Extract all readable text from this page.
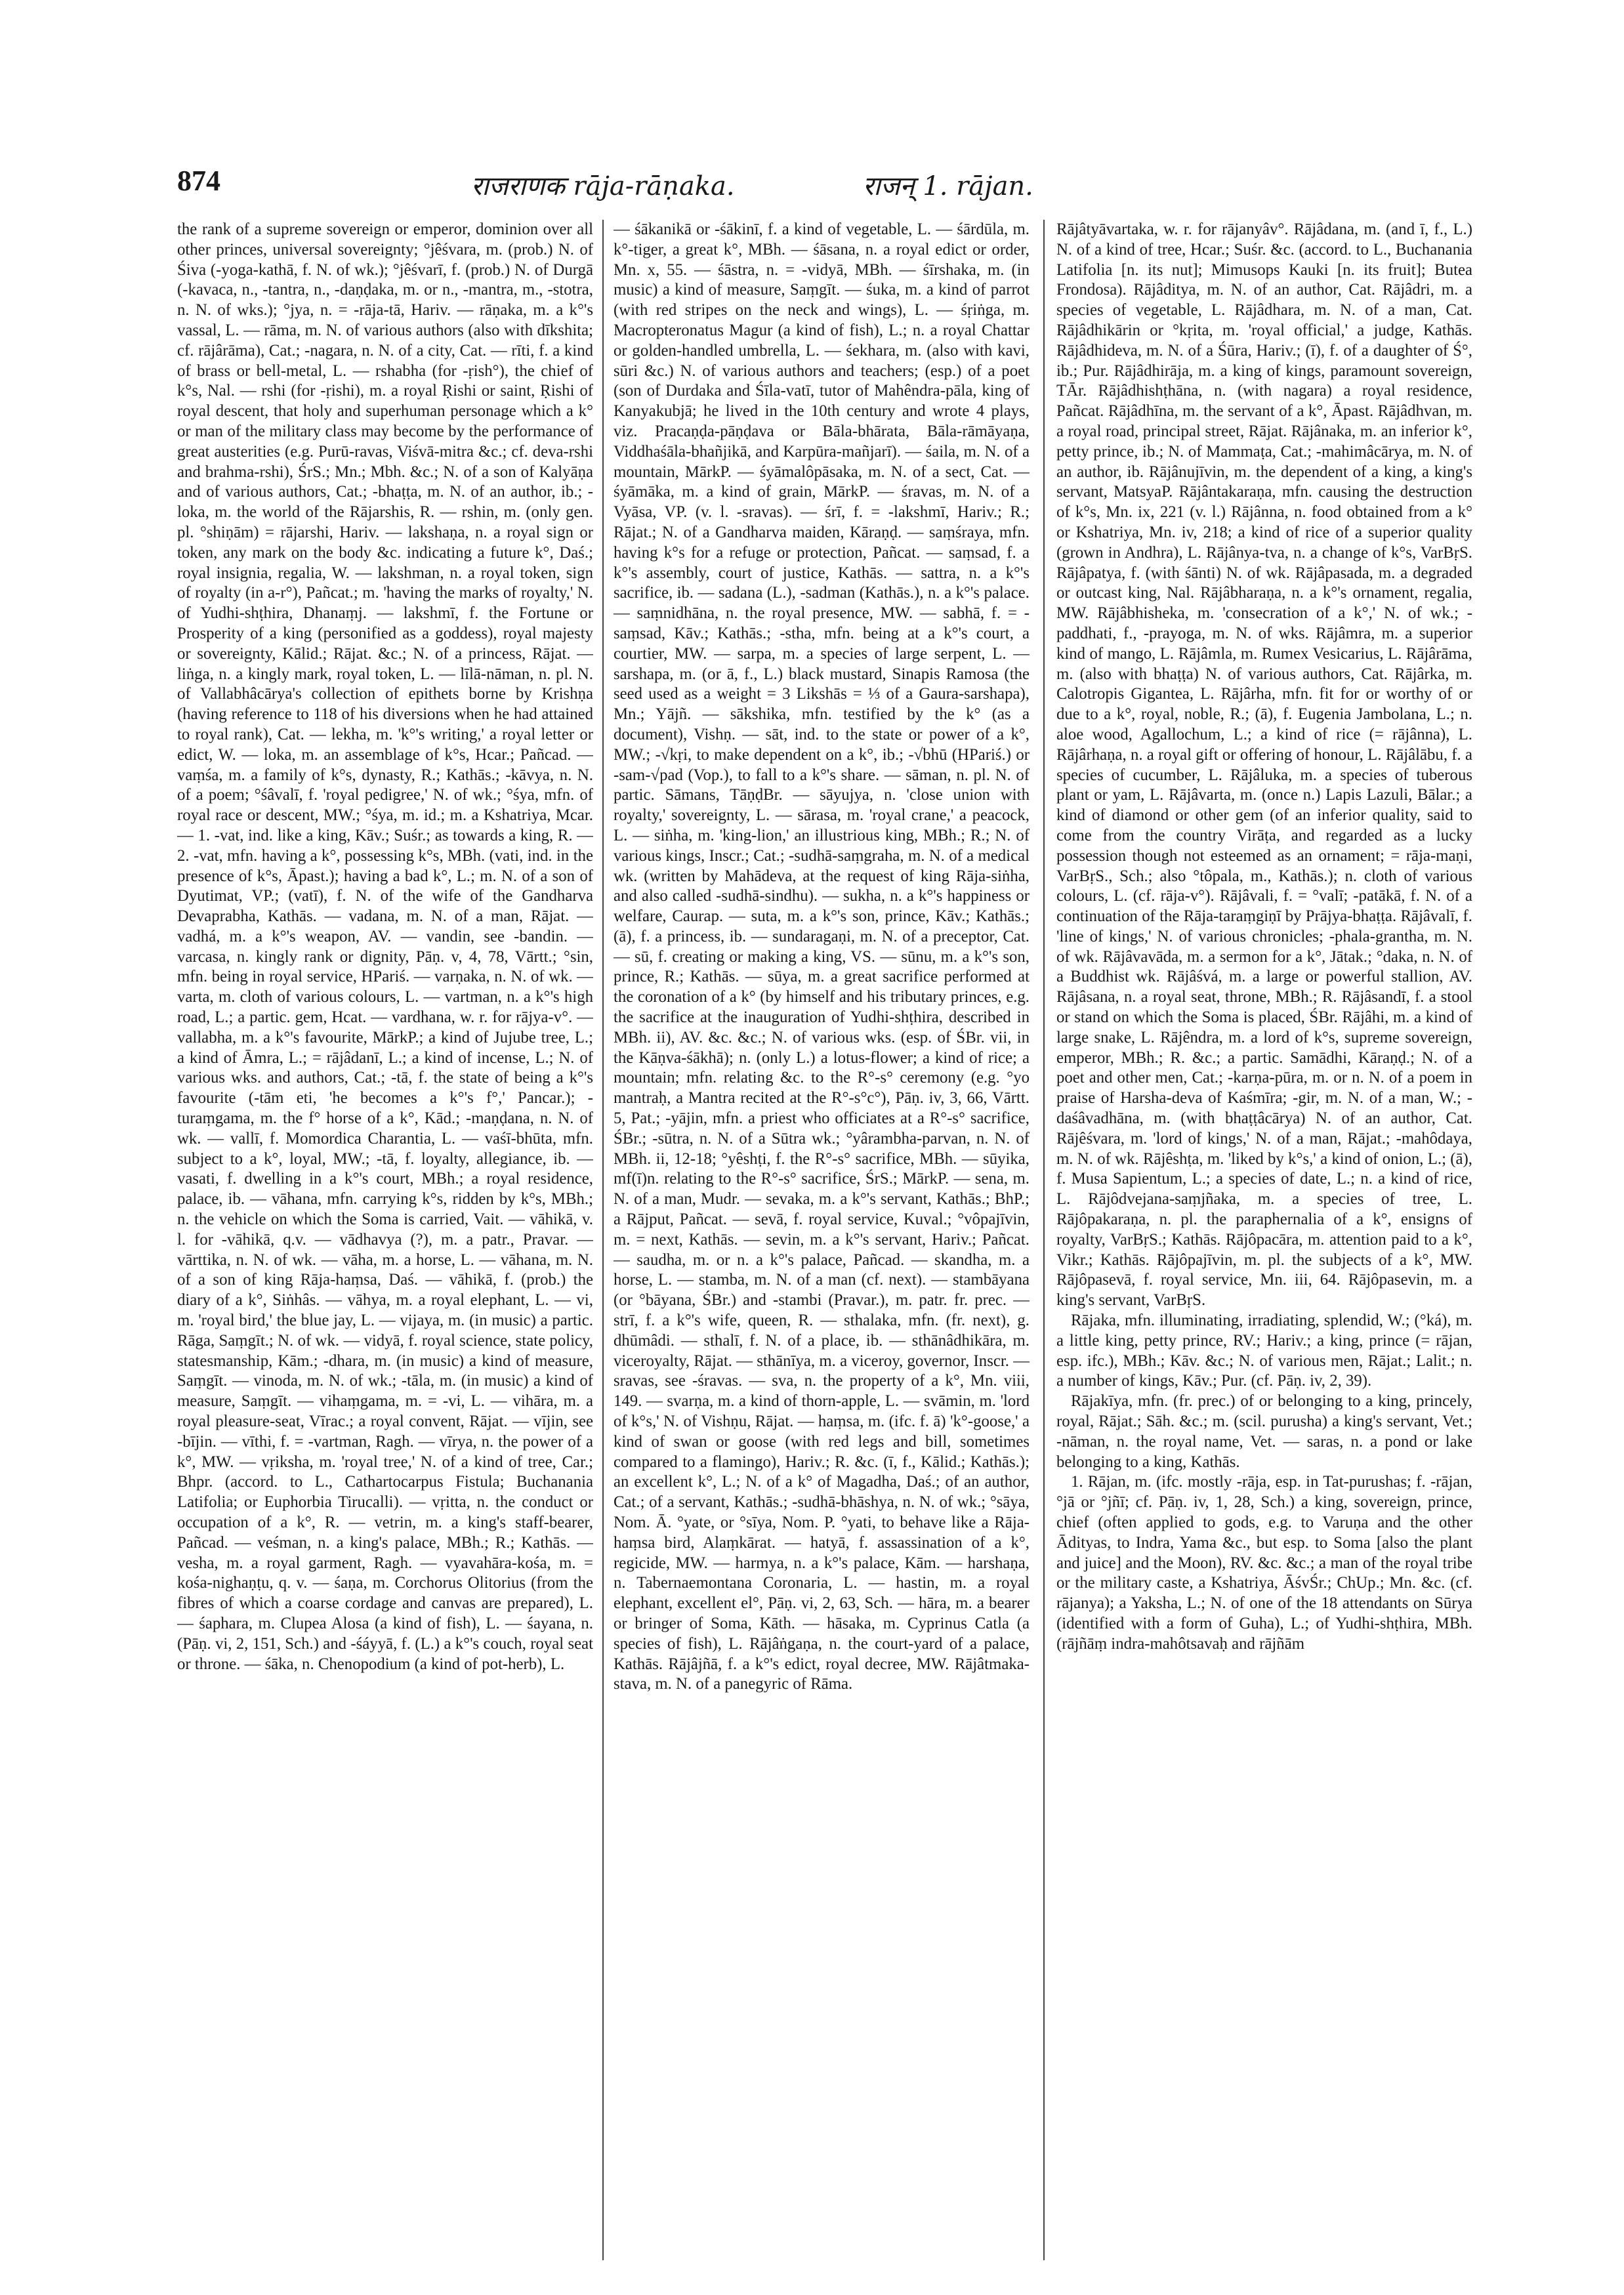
874	राजराणक rāja-rāṇaka.	राजन् 1. rājan.

the rank of a supreme sovereign or emperor, dominion over all other princes, universal sovereignty; °jêśvara, m. (prob.) N. of Śiva (-yoga-kathā, f. N. of wk.); °jêśvarī, f. (prob.) N. of Durgā (-kavaca, n., -tantra, n., -daṇḍaka, m. or n., -mantra, m., -stotra, n. N. of wks.); °jya, n. = -rāja-tā, Hariv. — rāṇaka, m. a k°'s vassal, L. — rāma, m. N. of various authors (also with dīkshita; cf. rājârāma), Cat.; -nagara, n. N. of a city, Cat. — rīti, f. a kind of brass or bell-metal, L. — rshabha (for -ṛish°), the chief of k°s, Nal. — rshi (for -ṛishi), m. a royal Ṛishi or saint, Ṛishi of royal descent, that holy and superhuman personage which a k° or man of the military class may become by the performance of great austerities (e.g. Purū-ravas, Viśvā-mitra &c.; cf. deva-rshi and brahma-rshi), ŚrS.; Mn.; Mbh. &c.; N. of a son of Kalyāṇa and of various authors, Cat.; -bhaṭṭa, m. N. of an author, ib.; -loka, m. the world of the Rājarshis, R. — rshin, m. (only gen. pl. °shiṇām) = rājarshi, Hariv. — lakshaṇa, n. a royal sign or token, any mark on the body &c. indicating a future k°, Daś.; royal insignia, regalia, W. — lakshman, n. a royal token, sign of royalty (in a-r°), Pañcat.; m. 'having the marks of royalty,' N. of Yudhi-shṭhira, Dhanaṃj. — lakshmī, f. the Fortune or Prosperity of a king (personified as a goddess), royal majesty or sovereignty, Kālid.; Rājat. &c.; N. of a princess, Rājat. — liṅga, n. a kingly mark, royal token, L. — līlā-nāman, n. pl. N. of Vallabhâcārya's collection of epithets borne by Krishṇa (having reference to 118 of his diversions when he had attained to royal rank), Cat. — lekha, m. 'k°'s writing,' a royal letter or edict, W. — loka, m. an assemblage of k°s, Hcar.; Pañcad. — vaṃśa, m. a family of k°s, dynasty, R.; Kathās.; -kāvya, n. N. of a poem; °śâvalī, f. 'royal pedigree,' N. of wk.; °śya, mfn. of royal race or descent, MW.; °śya, m. id.; m. a Kshatriya, Mcar. — 1. -vat, ind. like a king, Kāv.; Suśr.; as towards a king, R. — 2. -vat, mfn. having a k°, possessing k°s, MBh. (vati, ind. in the presence of k°s, Āpast.); having a bad k°, L.; m. N. of a son of Dyutimat, VP.; (vatī), f. N. of the wife of the Gandharva Devaprabha, Kathās. — vadana, m. N. of a man, Rājat. — vadhá, m. a k°'s weapon, AV. — vandin, see -bandin. — varcasa, n. kingly rank or dignity, Pāṇ. v, 4, 78, Vārtt.; °sin, mfn. being in royal service, HPariś. — varṇaka, n. N. of wk. — varta, m. cloth of various colours, L. — vartman, n. a k°'s high road, L.; a partic. gem, Hcat. — vardhana, w. r. for rājya-v°. — vallabha, m. a k°'s favourite, MārkP.; a kind of Jujube tree, L.; a kind of Āmra, L.; = rājâdanī, L.; a kind of incense, L.; N. of various wks. and authors, Cat.; -tā, f. the state of being a k°'s favourite (-tām eti, 'he becomes a k°'s f°,' Pancar.); -turaṃgama, m. the f° horse of a k°, Kād.; -maṇḍana, n. N. of wk. — vallī, f. Momordica Charantia, L. — vaśī-bhūta, mfn. subject to a k°, loyal, MW.; -tā, f. loyalty, allegiance, ib. — vasati, f. dwelling in a k°'s court, MBh.; a royal residence, palace, ib. — vāhana, mfn. carrying k°s, ridden by k°s, MBh.; n. the vehicle on which the Soma is carried, Vait. — vāhikā, v. l. for -vāhikā, q.v. — vādhavya (?), m. a patr., Pravar. — vārttika, n. N. of wk. — vāha, m. a horse, L. — vāhana, m. N. of a son of king Rāja-haṃsa, Daś. — vāhikā, f. (prob.) the diary of a k°, Siṅhâs. — vāhya, m. a royal elephant, L. — vi, m. 'royal bird,' the blue jay, L. — vijaya, m. (in music) a partic. Rāga, Saṃgīt.; N. of wk. — vidyā, f. royal science, state policy, statesmanship, Kām.; -dhara, m. (in music) a kind of measure, Saṃgīt. — vinoda, m. N. of wk.; -tāla, m. (in music) a kind of measure, Saṃgīt. — vihaṃgama, m. = -vi, L. — vihāra, m. a royal pleasure-seat, Vīrac.; a royal convent, Rājat. — vījin, see -bījin. — vīthi, f. = -vartman, Ragh. — vīrya, n. the power of a k°, MW. — vṛiksha, m. 'royal tree,' N. of a kind of tree, Car.; Bhpr. (accord. to L., Cathartocarpus Fistula; Buchanania Latifolia; or Euphorbia Tirucalli). — vṛitta, n. the conduct or occupation of a k°, R. — vetrin, m. a king's staff-bearer, Pañcad. — veśman, n. a king's palace, MBh.; R.; Kathās. — vesha, m. a royal garment, Ragh. — vyavahāra-kośa, m. = kośa-nighaṇṭu, q. v. — śaṇa, m. Corchorus Olitorius (from the fibres of which a coarse cordage and canvas are prepared), L. — śaphara, m. Clupea Alosa (a kind of fish), L. — śayana, n. (Pāṇ. vi, 2, 151, Sch.) and -śáyyā, f. (L.) a k°'s couch, royal seat or throne. — śāka, n. Chenopodium (a kind of pot-herb), L.

— śākanikā or -śākinī, f. a kind of vegetable, L. — śārdūla, m. k°-tiger, a great k°, MBh. — śāsana, n. a royal edict or order, Mn. x, 55. — śāstra, n. = -vidyā, MBh. — śīrshaka, m. (in music) a kind of measure, Saṃgīt. — śuka, m. a kind of parrot (with red stripes on the neck and wings), L. — śṛiṅga, m. Macropteronatus Magur (a kind of fish), L.; n. a royal Chattar or golden-handled umbrella, L. — śekhara, m. (also with kavi, sūri &c.) N. of various authors and teachers; (esp.) of a poet (son of Durdaka and Śīla-vatī, tutor of Mahêndra-pāla, king of Kanyakubjā; he lived in the 10th century and wrote 4 plays, viz. Pracaṇḍa-pāṇḍava or Bāla-bhārata, Bāla-rāmāyaṇa, Viddhaśāla-bhañjikā, and Karpūra-mañjarī). — śaila, m. N. of a mountain, MārkP. — śyāmalôpāsaka, m. N. of a sect, Cat. — śyāmāka, m. a kind of grain, MārkP. — śravas, m. N. of a Vyāsa, VP. (v. l. -sravas). — śrī, f. = -lakshmī, Hariv.; R.; Rājat.; N. of a Gandharva maiden, Kāraṇḍ. — saṃśraya, mfn. having k°s for a refuge or protection, Pañcat. — saṃsad, f. a k°'s assembly, court of justice, Kathās. — sattra, n. a k°'s sacrifice, ib. — sadana (L.), -sadman (Kathās.), n. a k°'s palace. — saṃnidhāna, n. the royal presence, MW. — sabhā, f. = -saṃsad, Kāv.; Kathās.; -stha, mfn. being at a k°'s court, a courtier, MW. — sarpa, m. a species of large serpent, L. — sarshapa, m. (or ā, f., L.) black mustard, Sinapis Ramosa (the seed used as a weight = 3 Likshās = ⅓ of a Gaura-sarshapa), Mn.; Yājñ. — sākshika, mfn. testified by the k° (as a document), Vishṇ. — sāt, ind. to the state or power of a k°, MW.; -√kṛi, to make dependent on a k°, ib.; -√bhū (HPariś.) or -sam-√pad (Vop.), to fall to a k°'s share. — sāman, n. pl. N. of partic. Sāmans, TāṇḍBr. — sāyujya, n. 'close union with royalty,' sovereignty, L. — sārasa, m. 'royal crane,' a peacock, L. — siṅha, m. 'king-lion,' an illustrious king, MBh.; R.; N. of various kings, Inscr.; Cat.; -sudhā-saṃgraha, m. N. of a medical wk. (written by Mahādeva, at the request of king Rāja-siṅha, and also called -sudhā-sindhu). — sukha, n. a k°'s happiness or welfare, Caurap. — suta, m. a k°'s son, prince, Kāv.; Kathās.; (ā), f. a princess, ib. — sundaragaṇi, m. N. of a preceptor, Cat. — sū, f. creating or making a king, VS. — sūnu, m. a k°'s son, prince, R.; Kathās. — sūya, m. a great sacrifice performed at the coronation of a k° (by himself and his tributary princes, e.g. the sacrifice at the inauguration of Yudhi-shṭhira, described in MBh. ii), AV. &c. &c.; N. of various wks. (esp. of ŚBr. vii, in the Kāṇva-śākhā); n. (only L.) a lotus-flower; a kind of rice; a mountain; mfn. relating &c. to the R°-s° ceremony (e.g. °yo mantraḥ, a Mantra recited at the R°-s°c°), Pāṇ. iv, 3, 66, Vārtt. 5, Pat.; -yājin, mfn. a priest who officiates at a R°-s° sacrifice, ŚBr.; -sūtra, n. N. of a Sūtra wk.; °yârambha-parvan, n. N. of MBh. ii, 12-18; °yêshṭi, f. the R°-s° sacrifice, MBh. — sūyika, mf(ī)n. relating to the R°-s° sacrifice, ŚrS.; MārkP. — sena, m. N. of a man, Mudr. — sevaka, m. a k°'s servant, Kathās.; BhP.; a Rājput, Pañcat. — sevā, f. royal service, Kuval.; °vôpajīvin, m. = next, Kathās. — sevin, m. a k°'s servant, Hariv.; Pañcat. — saudha, m. or n. a k°'s palace, Pañcad. — skandha, m. a horse, L. — stamba, m. N. of a man (cf. next). — stambāyana (or °bāyana, ŚBr.) and -stambi (Pravar.), m. patr. fr. prec. — strī, f. a k°'s wife, queen, R. — sthalaka, mfn. (fr. next), g. dhūmâdi. — sthalī, f. N. of a place, ib. — sthānâdhikāra, m. viceroyalty, Rājat. — sthānīya, m. a viceroy, governor, Inscr. — sravas, see -śravas. — sva, n. the property of a k°, Mn. viii, 149. — svarṇa, m. a kind of thorn-apple, L. — svāmin, m. 'lord of k°s,' N. of Vishṇu, Rājat. — haṃsa, m. (ifc. f. ā) 'k°-goose,' a kind of swan or goose (with red legs and bill, sometimes compared to a flamingo), Hariv.; R. &c. (ī, f., Kālid.; Kathās.); an excellent k°, L.; N. of a k° of Magadha, Daś.; of an author, Cat.; of a servant, Kathās.; -sudhā-bhāshya, n. N. of wk.; °sāya, Nom. Ā. °yate, or °sīya, Nom. P. °yati, to behave like a Rāja-haṃsa bird, Alaṃkārat. — hatyā, f. assassination of a k°, regicide, MW. — harmya, n. a k°'s palace, Kām. — harshaṇa, n. Tabernaemontana Coronaria, L. — hastin, m. a royal elephant, excellent el°, Pāṇ. vi, 2, 63, Sch. — hāra, m. a bearer or bringer of Soma, Kāth. — hāsaka, m. Cyprinus Catla (a species of fish), L. Rājâṅgaṇa, n. the court-yard of a palace, Kathās. Rājâjñā, f. a k°'s edict, royal decree, MW. Rājâtmaka-stava, m. N. of a panegyric of Rāma.

Rājâtyāvartaka, w. r. for rājanyâv°. Rājâdana, m. (and ī, f., L.) N. of a kind of tree, Hcar.; Suśr. &c. (accord. to L., Buchanania Latifolia [n. its nut]; Mimusops Kauki [n. its fruit]; Butea Frondosa). Rājâditya, m. N. of an author, Cat. Rājâdri, m. a species of vegetable, L. Rājâdhara, m. N. of a man, Cat. Rājâdhikārin or °kṛita, m. 'royal official,' a judge, Kathās. Rājâdhideva, m. N. of a Śūra, Hariv.; (ī), f. of a daughter of Ś°, ib.; Pur. Rājâdhirāja, m. a king of kings, paramount sovereign, TĀr. Rājâdhishṭhāna, n. (with nagara) a royal residence, Pañcat. Rājâdhīna, m. the servant of a k°, Āpast. Rājâdhvan, m. a royal road, principal street, Rājat. Rājânaka, m. an inferior k°, petty prince, ib.; N. of Mammaṭa, Cat.; -mahimâcārya, m. N. of an author, ib. Rājânujīvin, m. the dependent of a king, a king's servant, MatsyaP. Rājântakaraṇa, mfn. causing the destruction of k°s, Mn. ix, 221 (v. l.) Rājânna, n. food obtained from a k° or Kshatriya, Mn. iv, 218; a kind of rice of a superior quality (grown in Andhra), L. Rājânya-tva, n. a change of k°s, VarBṛS. Rājâpatya, f. (with śānti) N. of wk. Rājâpasada, m. a degraded or outcast king, Nal. Rājâbharaṇa, n. a k°'s ornament, regalia, MW. Rājâbhisheka, m. 'consecration of a k°,' N. of wk.; -paddhati, f., -prayoga, m. N. of wks. Rājâmra, m. a superior kind of mango, L. Rājâmla, m. Rumex Vesicarius, L. Rājârāma, m. (also with bhaṭṭa) N. of various authors, Cat. Rājârka, m. Calotropis Gigantea, L. Rājârha, mfn. fit for or worthy of or due to a k°, royal, noble, R.; (ā), f. Eugenia Jambolana, L.; n. aloe wood, Agallochum, L.; a kind of rice (= rājânna), L. Rājârhaṇa, n. a royal gift or offering of honour, L. Rājâlābu, f. a species of cucumber, L. Rājâluka, m. a species of tuberous plant or yam, L. Rājâvarta, m. (once n.) Lapis Lazuli, Bālar.; a kind of diamond or other gem (of an inferior quality, said to come from the country Virāṭa, and regarded as a lucky possession though not esteemed as an ornament; = rāja-maṇi, VarBṛS., Sch.; also °tôpala, m., Kathās.); n. cloth of various colours, L. (cf. rāja-v°). Rājâvali, f. = °valī; -patākā, f. N. of a continuation of the Rāja-taraṃgiṇī by Prājya-bhaṭṭa. Rājâvalī, f. 'line of kings,' N. of various chronicles; -phala-grantha, m. N. of wk. Rājâvavāda, m. a sermon for a k°, Jātak.; °daka, n. N. of a Buddhist wk. Rājâśvá, m. a large or powerful stallion, AV. Rājâsana, n. a royal seat, throne, MBh.; R. Rājâsandī, f. a stool or stand on which the Soma is placed, ŚBr. Rājâhi, m. a kind of large snake, L. Rājêndra, m. a lord of k°s, supreme sovereign, emperor, MBh.; R. &c.; a partic. Samādhi, Kāraṇḍ.; N. of a poet and other men, Cat.; -karṇa-pūra, m. or n. N. of a poem in praise of Harsha-deva of Kaśmīra; -gir, m. N. of a man, W.; -daśâvadhāna, m. (with bhaṭṭâcārya) N. of an author, Cat. Rājêśvara, m. 'lord of kings,' N. of a man, Rājat.; -mahôdaya, m. N. of wk. Rājêshṭa, m. 'liked by k°s,' a kind of onion, L.; (ā), f. Musa Sapientum, L.; a species of date, L.; n. a kind of rice, L. Rājôdvejana-saṃjñaka, m. a species of tree, L. Rājôpakaraṇa, n. pl. the paraphernalia of a k°, ensigns of royalty, VarBṛS.; Kathās. Rājôpacāra, m. attention paid to a k°, Vikr.; Kathās. Rājôpajīvin, m. pl. the subjects of a k°, MW. Rājôpasevā, f. royal service, Mn. iii, 64. Rājôpasevin, m. a king's servant, VarBṛS.

Rājaka, mfn. illuminating, irradiating, splendid, W.; (°ká), m. a little king, petty prince, RV.; Hariv.; a king, prince (= rājan, esp. ifc.), MBh.; Kāv. &c.; N. of various men, Rājat.; Lalit.; n. a number of kings, Kāv.; Pur. (cf. Pāṇ. iv, 2, 39).

Rājakīya, mfn. (fr. prec.) of or belonging to a king, princely, royal, Rājat.; Sāh. &c.; m. (scil. purusha) a king's servant, Vet.; -nāman, n. the royal name, Vet. — saras, n. a pond or lake belonging to a king, Kathās.

1. Rājan, m. (ifc. mostly -rāja, esp. in Tat-purushas; f. -rājan, °jā or °jñī; cf. Pāṇ. iv, 1, 28, Sch.) a king, sovereign, prince, chief (often applied to gods, e.g. to Varuṇa and the other Ādityas, to Indra, Yama &c., but esp. to Soma [also the plant and juice] and the Moon), RV. &c. &c.; a man of the royal tribe or the military caste, a Kshatriya, ĀśvŚr.; ChUp.; Mn. &c. (cf. rājanya); a Yaksha, L.; N. of one of the 18 attendants on Sūrya (identified with a form of Guha), L.; of Yudhi-shṭhira, MBh. (rājñāṃ indra-mahôtsavaḥ and rājñām
